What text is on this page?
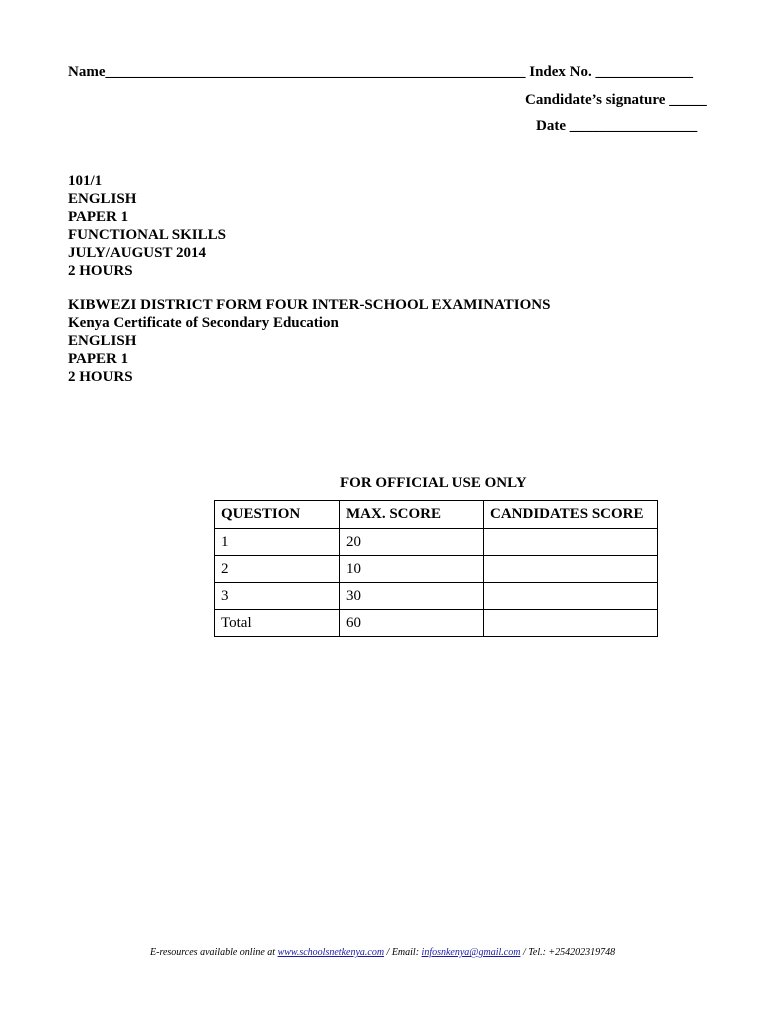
Name________________________________________________________ Index No. _____________
Candidate’s signature _____
Date _________________
101/1
ENGLISH
PAPER 1
FUNCTIONAL SKILLS
JULY/AUGUST 2014
2 HOURS
KIBWEZI DISTRICT FORM FOUR INTER-SCHOOL EXAMINATIONS
Kenya Certificate of Secondary Education
ENGLISH
PAPER 1
2 HOURS
FOR OFFICIAL USE ONLY
QUESTION	MAX. SCORE	CANDIDATES SCORE
1	20	
2	10	
3	30	
Total	60	
E-resources available online at www.schoolsnetkenya.com / Email: infosnkenya@gmail.com / Tel.: +254202319748
